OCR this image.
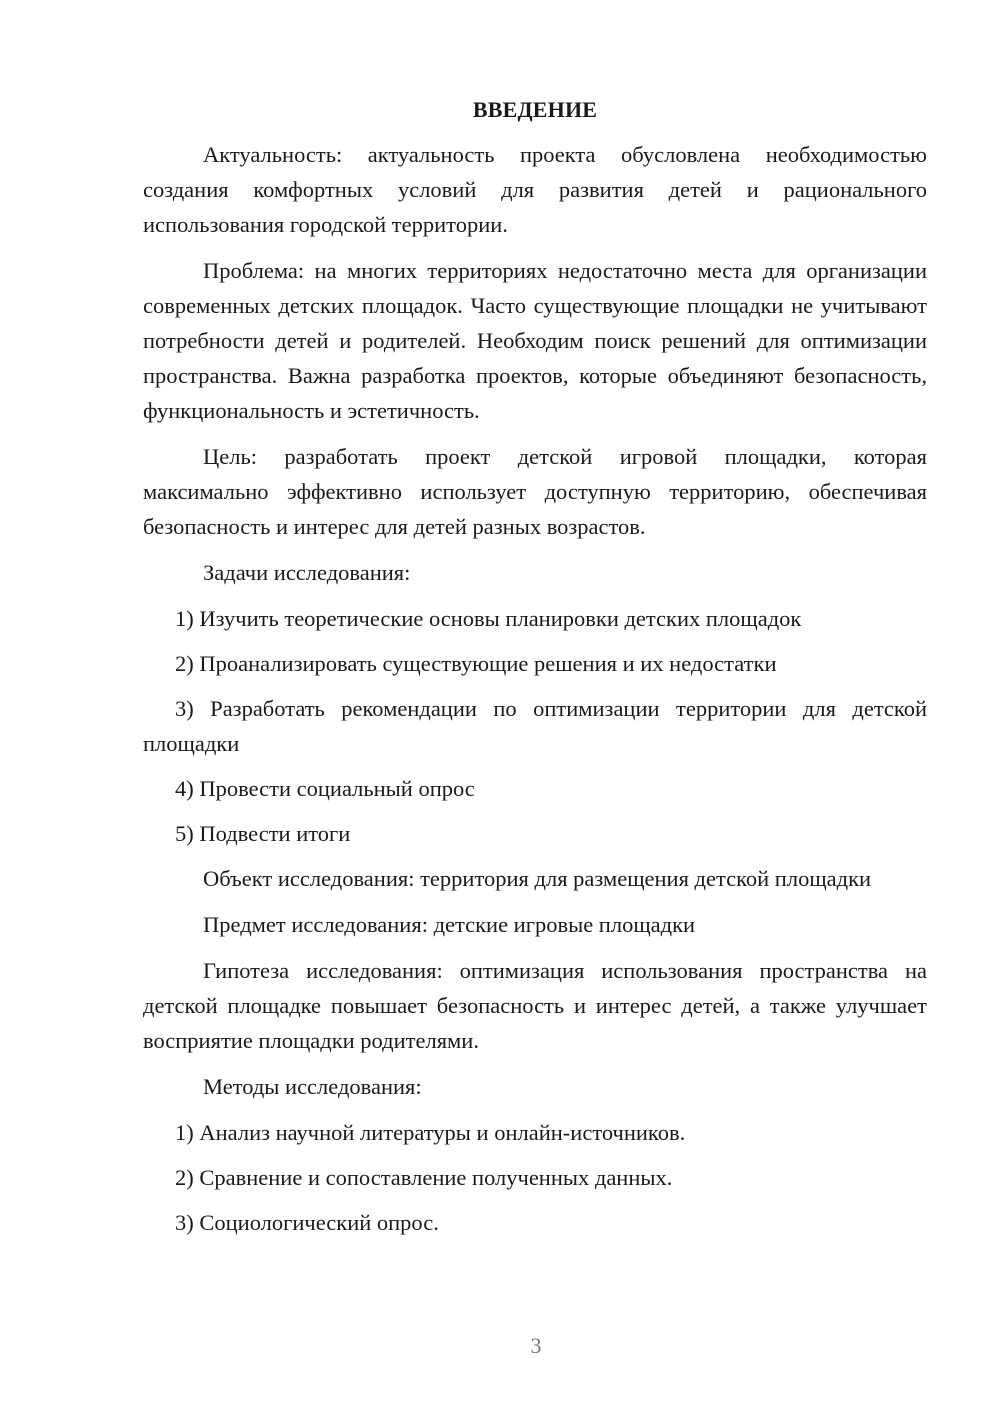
ВВЕДЕНИЕ

Актуальность: актуальность проекта обусловлена необходимостью создания комфортных условий для развития детей и рационального использования городской территории.

Проблема: на многих территориях недостаточно места для организации современных детских площадок. Часто существующие площадки не учитывают потребности детей и родителей. Необходим поиск решений для оптимизации пространства. Важна разработка проектов, которые объединяют безопасность, функциональность и эстетичность.

Цель: разработать проект детской игровой площадки, которая максимально эффективно использует доступную территорию, обеспечивая безопасность и интерес для детей разных возрастов.

Задачи исследования:

1) Изучить теоретические основы планировки детских площадок

2) Проанализировать существующие решения и их недостатки

3) Разработать рекомендации по оптимизации территории для детской площадки

4) Провести социальный опрос

5) Подвести итоги

Объект исследования: территория для размещения детской площадки

Предмет исследования: детские игровые площадки

Гипотеза исследования: оптимизация использования пространства на детской площадке повышает безопасность и интерес детей, а также улучшает восприятие площадки родителями.

Методы исследования:

1) Анализ научной литературы и онлайн-источников.

2) Сравнение и сопоставление полученных данных.

3) Социологический опрос.

3
